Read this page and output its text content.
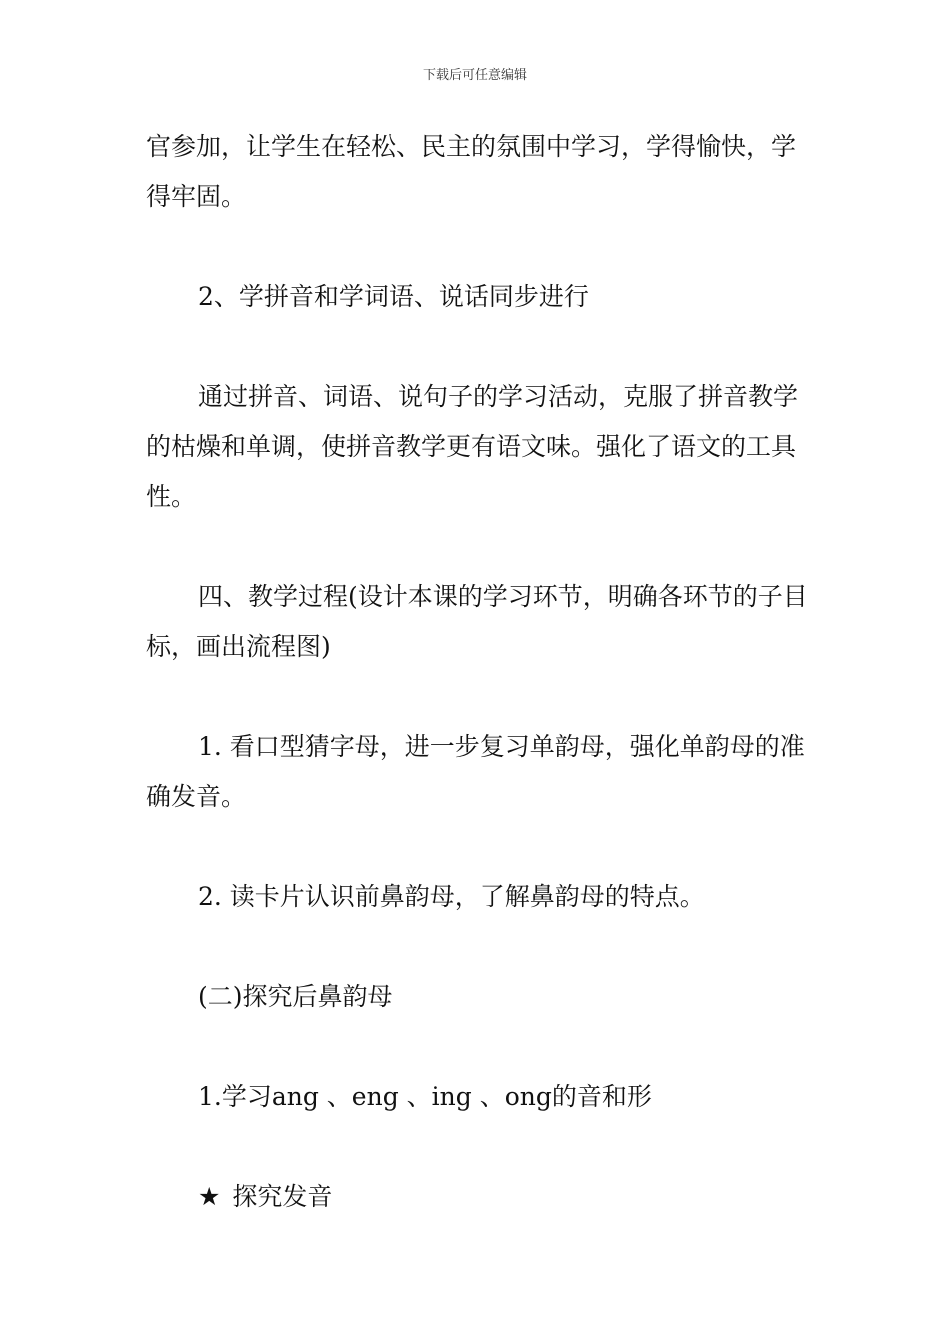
下载后可任意编辑

官参加，让学生在轻松、民主的氛围中学习，学得愉快，学得牢固。

2、学拼音和学词语、说话同步进行

通过拼音、词语、说句子的学习活动，克服了拼音教学的枯燥和单调，使拼音教学更有语文味。强化了语文的工具性。

四、教学过程(设计本课的学习环节，明确各环节的子目标，画出流程图)

1. 看口型猜字母，进一步复习单韵母，强化单韵母的准确发音。

2. 读卡片认识前鼻韵母，了解鼻韵母的特点。

(二)探究后鼻韵母

1.学习ang 、eng 、ing 、ong的音和形

★ 探究发音
